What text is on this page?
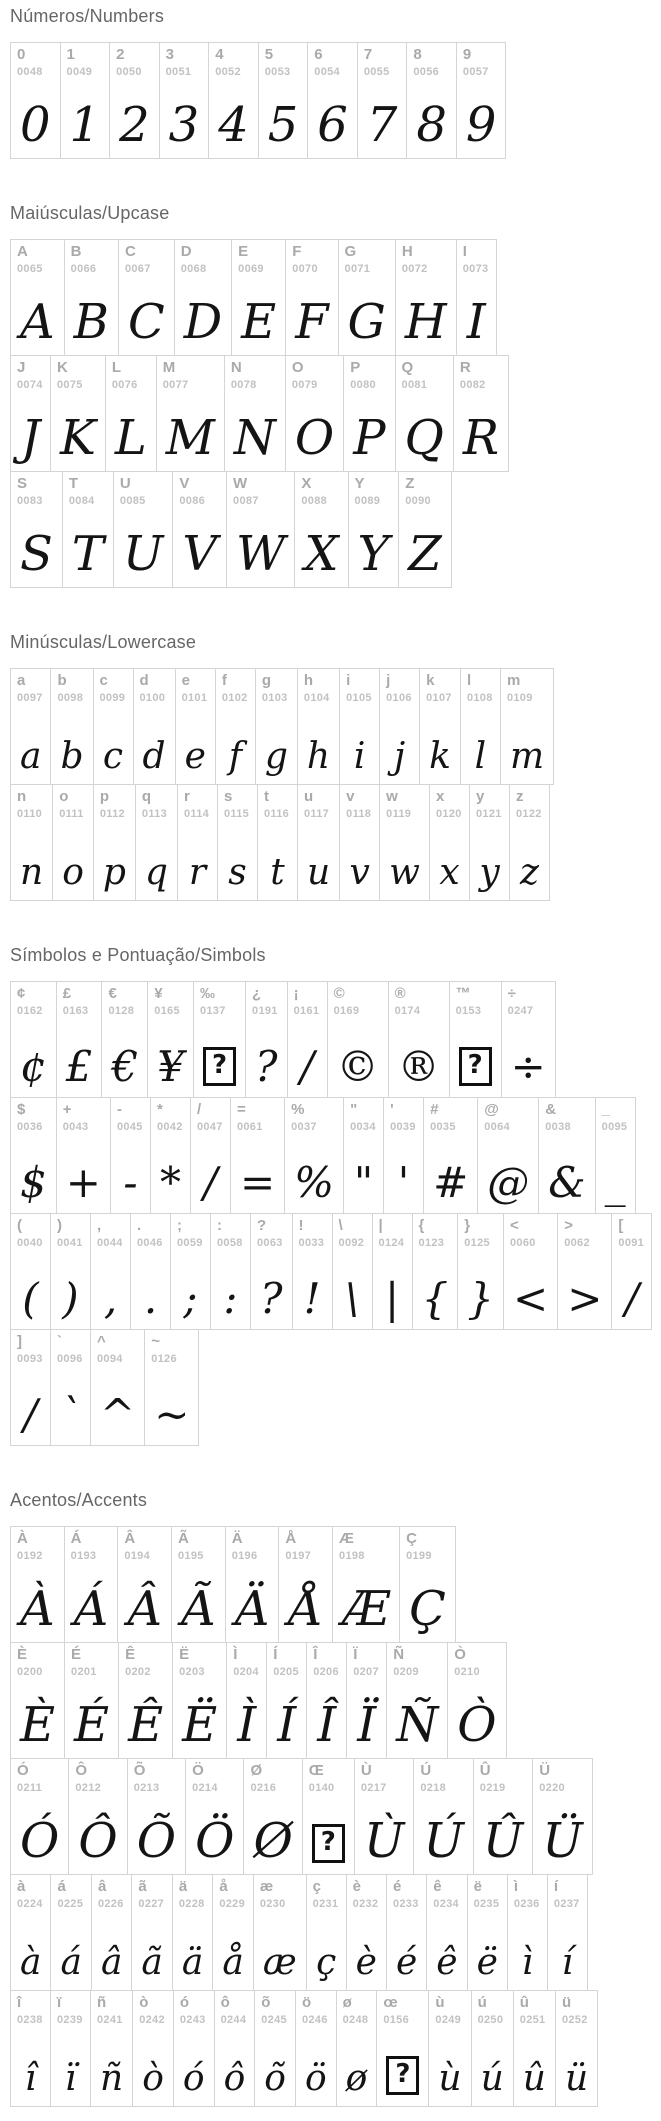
Números/Numbers
0
0048
0
1
0049
1
2
0050
2
3
0051
3
4
0052
4
5
0053
5
6
0054
6
7
0055
7
8
0056
8
9
0057
9
Maiúsculas/Upcase
A
0065
A
B
0066
B
C
0067
C
D
0068
D
E
0069
E
F
0070
F
G
0071
G
H
0072
H
I
0073
I
J
0074
J
K
0075
K
L
0076
L
M
0077
M
N
0078
N
O
0079
O
P
0080
P
Q
0081
Q
R
0082
R
S
0083
S
T
0084
T
U
0085
U
V
0086
V
W
0087
W
X
0088
X
Y
0089
Y
Z
0090
Z
Minúsculas/Lowercase
a
0097
a
b
0098
b
c
0099
c
d
0100
d
e
0101
e
f
0102
f
g
0103
g
h
0104
h
i
0105
i
j
0106
j
k
0107
k
l
0108
l
m
0109
m
n
0110
n
o
0111
o
p
0112
p
q
0113
q
r
0114
r
s
0115
s
t
0116
t
u
0117
u
v
0118
v
w
0119
w
x
0120
x
y
0121
y
z
0122
z
Símbolos e Pontuação/Simbols
¢
0162
¢
£
0163
£
€
0128
€
¥
0165
¥
‰
0137
?
¿
0191
?
¡
0161
/
©
0169
©
®
0174
®
™
0153
?
÷
0247
÷
$
0036
$
+
0043
+
-
0045
-
*
0042
*
/
0047
/
=
0061
=
%
0037
%
"
0034
"
'
0039
'
#
0035
#
@
0064
@
&
0038
&
_
0095
_
(
0040
(
)
0041
)
,
0044
,
.
0046
.
;
0059
;
:
0058
:
?
0063
?
!
0033
!
\
0092
\
|
0124
|
{
0123
{
}
0125
}
<
0060
<
>
0062
>
[
0091
/
]
0093
/
`
0096
`
^
0094
^
~
0126
~
Acentos/Accents
À
0192
À
Á
0193
Á
Â
0194
Â
Ã
0195
Ã
Ä
0196
Ä
Å
0197
Å
Æ
0198
Æ
Ç
0199
Ç
È
0200
È
É
0201
É
Ê
0202
Ê
Ë
0203
Ë
Ì
0204
Ì
Í
0205
Í
Î
0206
Î
Ï
0207
Ï
Ñ
0209
Ñ
Ò
0210
Ò
Ó
0211
Ó
Ô
0212
Ô
Õ
0213
Õ
Ö
0214
Ö
Ø
0216
Ø
Œ
0140
?
Ù
0217
Ù
Ú
0218
Ú
Û
0219
Û
Ü
0220
Ü
à
0224
à
á
0225
á
â
0226
â
ã
0227
ã
ä
0228
ä
å
0229
å
æ
0230
æ
ç
0231
ç
è
0232
è
é
0233
é
ê
0234
ê
ë
0235
ë
ì
0236
ì
í
0237
í
î
0238
î
ï
0239
ï
ñ
0241
ñ
ò
0242
ò
ó
0243
ó
ô
0244
ô
õ
0245
õ
ö
0246
ö
ø
0248
ø
œ
0156
?
ù
0249
ù
ú
0250
ú
û
0251
û
ü
0252
ü
